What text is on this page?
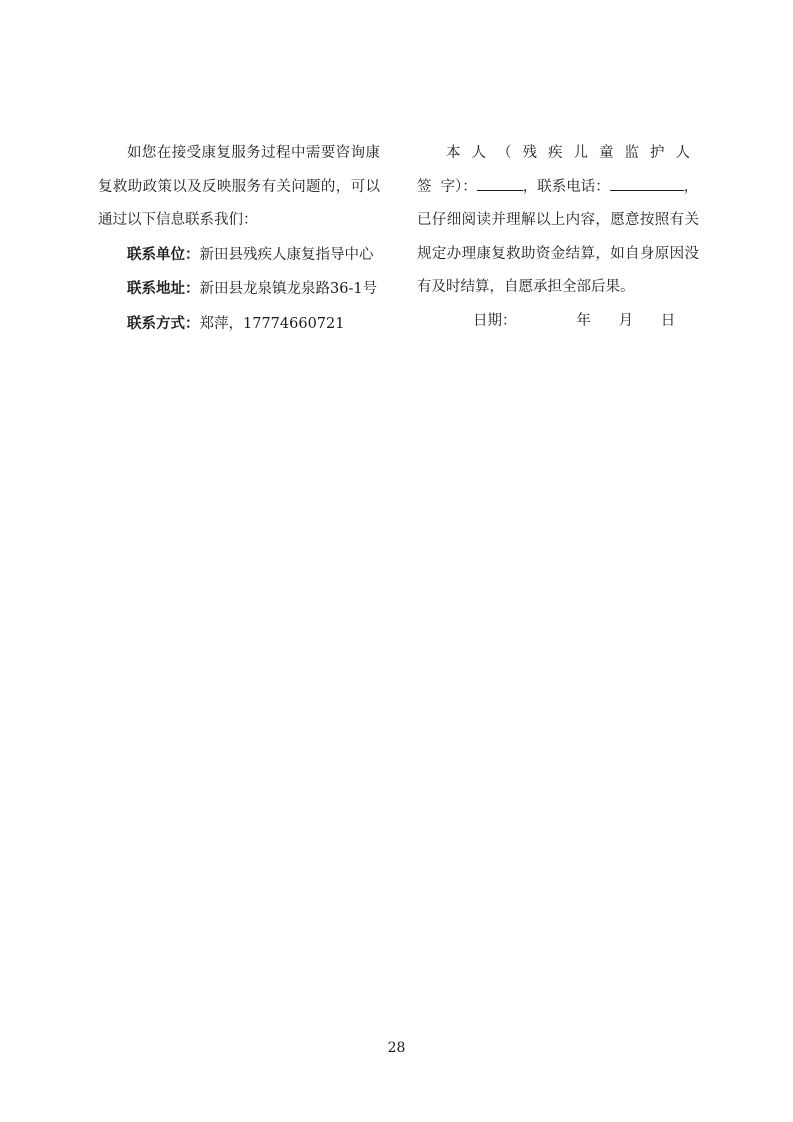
如您在接受康复服务过程中需要咨询康复救助政策以及反映服务有关问题的，可以通过以下信息联系我们：

联系单位：新田县残疾人康复指导中心

联系地址：新田县龙泉镇龙泉路36-1号

联系方式：郑萍，17774660721

本人（残疾儿童监护人签字）：	，联系电话：	，

已仔细阅读并理解以上内容，愿意按照有关规定办理康复救助资金结算，如自身原因没有及时结算，自愿承担全部后果。

日期：	年 月 日

28
